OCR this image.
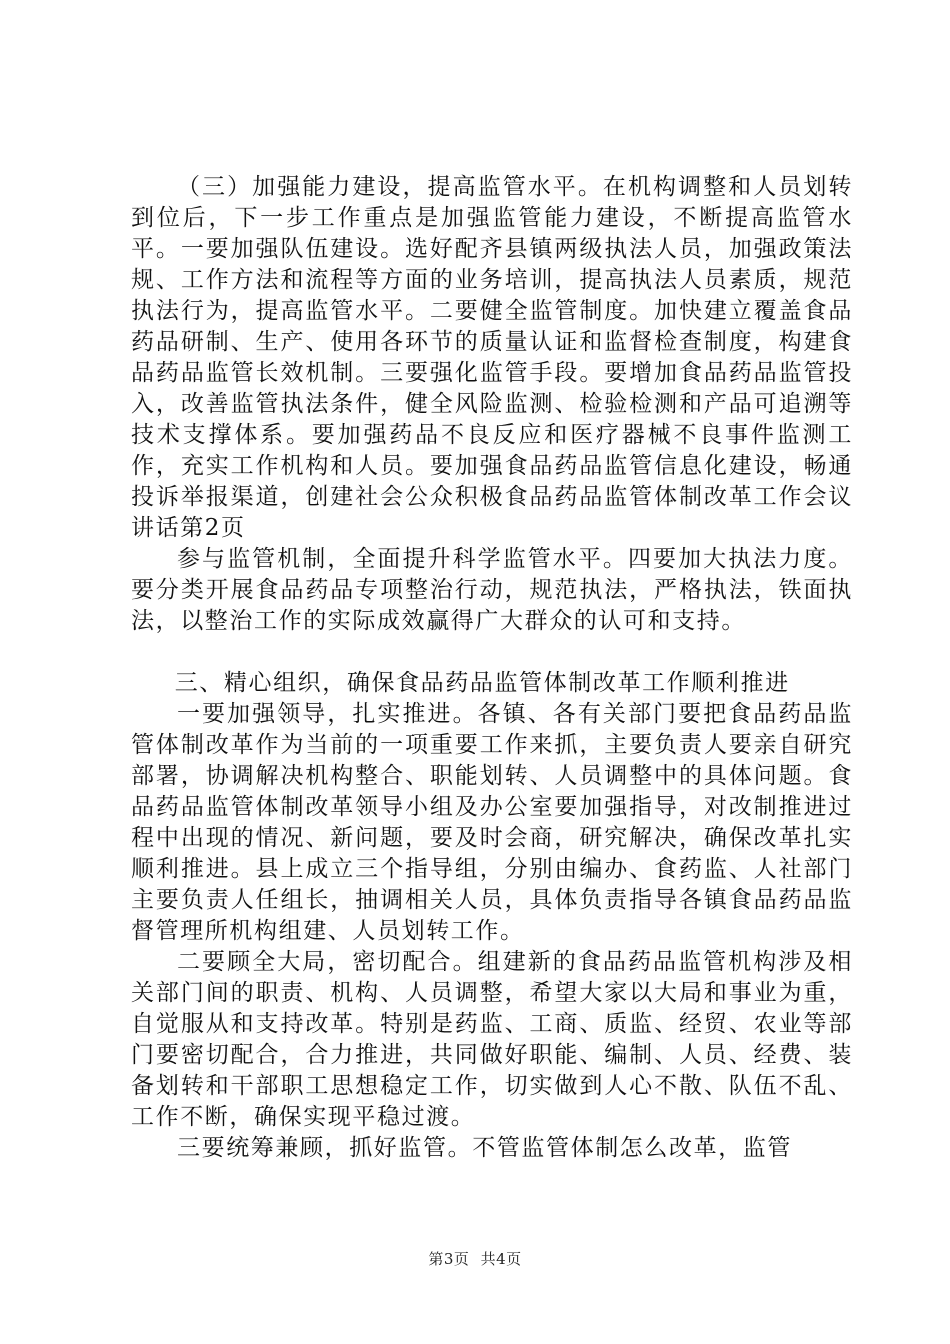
（三）加强能力建设，提高监管水平。在机构调整和人员划转到位后，下一步工作重点是加强监管能力建设，不断提高监管水平。一要加强队伍建设。选好配齐县镇两级执法人员，加强政策法规、工作方法和流程等方面的业务培训，提高执法人员素质，规范执法行为，提高监管水平。二要健全监管制度。加快建立覆盖食品药品研制、生产、使用各环节的质量认证和监督检查制度，构建食品药品监管长效机制。三要强化监管手段。要增加食品药品监管投入，改善监管执法条件，健全风险监测、检验检测和产品可追溯等技术支撑体系。要加强药品不良反应和医疗器械不良事件监测工作，充实工作机构和人员。要加强食品药品监管信息化建设，畅通投诉举报渠道，创建社会公众积极食品药品监管体制改革工作会议讲话第2页

参与监管机制，全面提升科学监管水平。四要加大执法力度。要分类开展食品药品专项整治行动，规范执法，严格执法，铁面执法，以整治工作的实际成效赢得广大群众的认可和支持。

三、精心组织，确保食品药品监管体制改革工作顺利推进

一要加强领导，扎实推进。各镇、各有关部门要把食品药品监管体制改革作为当前的一项重要工作来抓，主要负责人要亲自研究部署，协调解决机构整合、职能划转、人员调整中的具体问题。食品药品监管体制改革领导小组及办公室要加强指导，对改制推进过程中出现的情况、新问题，要及时会商，研究解决，确保改革扎实顺利推进。县上成立三个指导组，分别由编办、食药监、人社部门主要负责人任组长，抽调相关人员，具体负责指导各镇食品药品监督管理所机构组建、人员划转工作。

二要顾全大局，密切配合。组建新的食品药品监管机构涉及相关部门间的职责、机构、人员调整，希望大家以大局和事业为重，自觉服从和支持改革。特别是药监、工商、质监、经贸、农业等部门要密切配合，合力推进，共同做好职能、编制、人员、经费、装备划转和干部职工思想稳定工作，切实做到人心不散、队伍不乱、工作不断，确保实现平稳过渡。

三要统筹兼顾，抓好监管。不管监管体制怎么改革，监管

第3页 共4页
